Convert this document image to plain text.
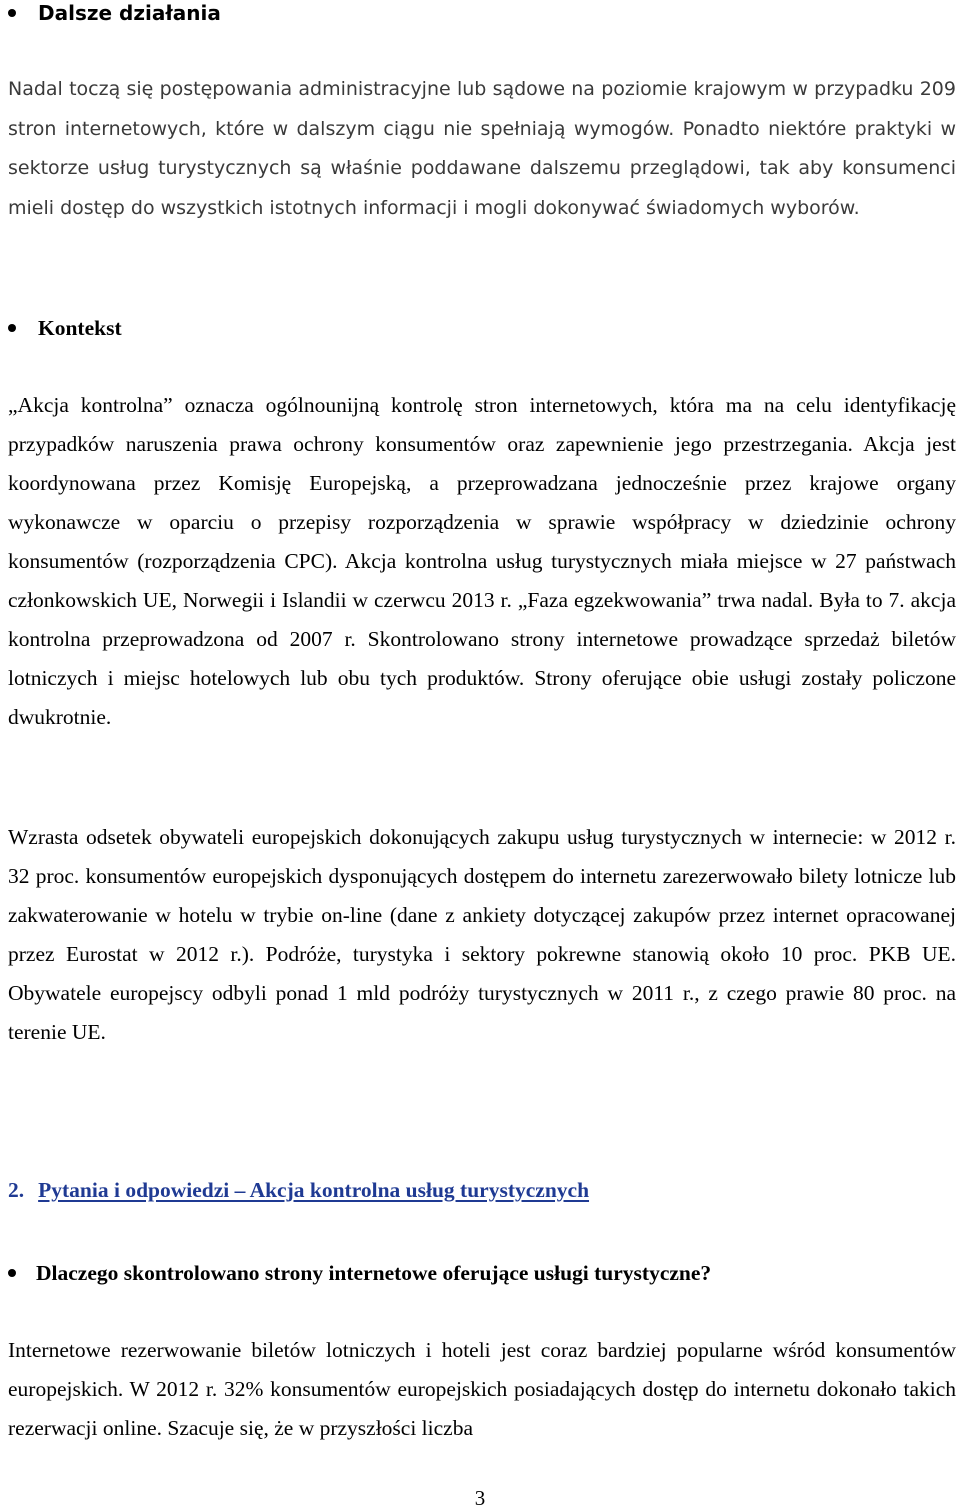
Dalsze działania
Nadal toczą się postępowania administracyjne lub sądowe na poziomie krajowym w przypadku 209 stron internetowych, które w dalszym ciągu nie spełniają wymogów. Ponadto niektóre praktyki w sektorze usług turystycznych są właśnie poddawane dalszemu przeglądowi, tak aby konsumenci mieli dostęp do wszystkich istotnych informacji i mogli dokonywać świadomych wyborów.
Kontekst
„Akcja kontrolna” oznacza ogólnounijną kontrolę stron internetowych, która ma na celu identyfikację przypadków naruszenia prawa ochrony konsumentów oraz zapewnienie jego przestrzegania. Akcja jest koordynowana przez Komisję Europejską, a przeprowadzana jednocześnie przez krajowe organy wykonawcze w oparciu o przepisy rozporządzenia w sprawie współpracy w dziedzinie ochrony konsumentów (rozporządzenia CPC). Akcja kontrolna usług turystycznych miała miejsce w 27 państwach członkowskich UE, Norwegii i Islandii w czerwcu 2013 r. „Faza egzekwowania” trwa nadal. Była to 7. akcja kontrolna przeprowadzona od 2007 r. Skontrolowano strony internetowe prowadzące sprzedaż biletów lotniczych i miejsc hotelowych lub obu tych produktów. Strony oferujące obie usługi zostały policzone dwukrotnie.
Wzrasta odsetek obywateli europejskich dokonujących zakupu usług turystycznych w internecie: w 2012 r. 32 proc. konsumentów europejskich dysponujących dostępem do internetu zarezerwowało bilety lotnicze lub zakwaterowanie w hotelu w trybie on-line (dane z ankiety dotyczącej zakupów przez internet opracowanej przez Eurostat w 2012 r.). Podróże, turystyka i sektory pokrewne stanowią około 10 proc. PKB UE. Obywatele europejscy odbyli ponad 1 mld podróży turystycznych w 2011 r., z czego prawie 80 proc. na terenie UE.
2. Pytania i odpowiedzi – Akcja kontrolna usług turystycznych
Dlaczego skontrolowano strony internetowe oferujące usługi turystyczne?
Internetowe rezerwowanie biletów lotniczych i hoteli jest coraz bardziej popularne wśród konsumentów europejskich. W 2012 r. 32% konsumentów europejskich posiadających dostęp do internetu dokonało takich rezerwacji online. Szacuje się, że w przyszłości liczba
3
